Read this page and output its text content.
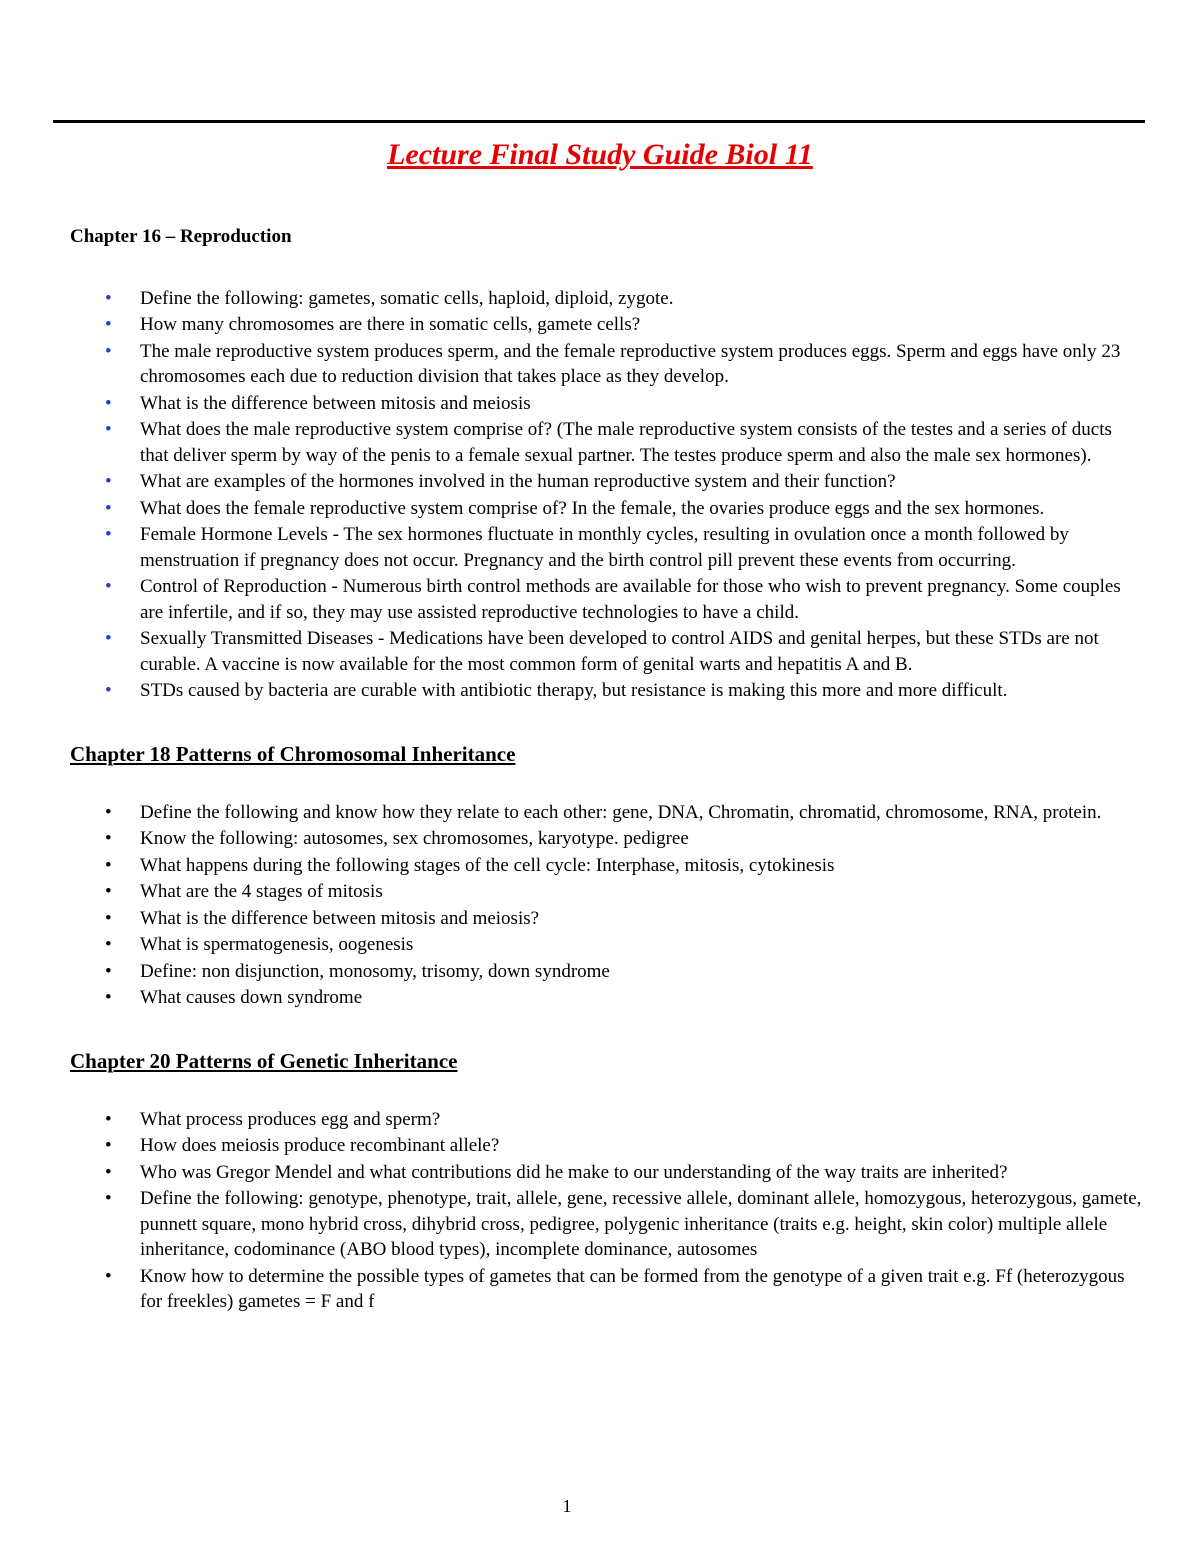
Lecture Final Study Guide Biol 11
Chapter 16 – Reproduction
• Define the following: gametes, somatic cells, haploid, diploid, zygote.
• How many chromosomes are there in somatic cells, gamete cells?
• The male reproductive system produces sperm, and the female reproductive system produces eggs. Sperm and eggs have only 23 chromosomes each due to reduction division that takes place as they develop.
• What is the difference between mitosis and meiosis
• What does the male reproductive system comprise of? (The male reproductive system consists of the testes and a series of ducts that deliver sperm by way of the penis to a female sexual partner. The testes produce sperm and also the male sex hormones).
• What are examples of the hormones involved in the human reproductive system and their function?
• What does the female reproductive system comprise of? In the female, the ovaries produce eggs and the sex hormones.
• Female Hormone Levels - The sex hormones fluctuate in monthly cycles, resulting in ovulation once a month followed by menstruation if pregnancy does not occur. Pregnancy and the birth control pill prevent these events from occurring.
• Control of Reproduction - Numerous birth control methods are available for those who wish to prevent pregnancy. Some couples are infertile, and if so, they may use assisted reproductive technologies to have a child.
• Sexually Transmitted Diseases - Medications have been developed to control AIDS and genital herpes, but these STDs are not curable. A vaccine is now available for the most common form of genital warts and hepatitis A and B.
• STDs caused by bacteria are curable with antibiotic therapy, but resistance is making this more and more difficult.
Chapter 18 Patterns of Chromosomal Inheritance
• Define the following and know how they relate to each other: gene, DNA, Chromatin, chromatid, chromosome, RNA, protein.
• Know the following: autosomes, sex chromosomes, karyotype. pedigree
• What happens during the following stages of the cell cycle: Interphase, mitosis, cytokinesis
• What are the 4 stages of mitosis
• What is the difference between mitosis and meiosis?
• What is spermatogenesis, oogenesis
• Define: non disjunction, monosomy, trisomy, down syndrome
• What causes down syndrome
Chapter 20 Patterns of Genetic Inheritance
• What process produces egg and sperm?
• How does meiosis produce recombinant allele?
• Who was Gregor Mendel and what contributions did he make to our understanding of the way traits are inherited?
• Define the following: genotype, phenotype, trait, allele, gene, recessive allele, dominant allele, homozygous, heterozygous, gamete, punnett square, mono hybrid cross, dihybrid cross, pedigree, polygenic inheritance (traits e.g. height, skin color) multiple allele inheritance, codominance (ABO blood types), incomplete dominance, autosomes
• Know how to determine the possible types of gametes that can be formed from the genotype of a given trait e.g. Ff (heterozygous for freekles) gametes = F and f
1
